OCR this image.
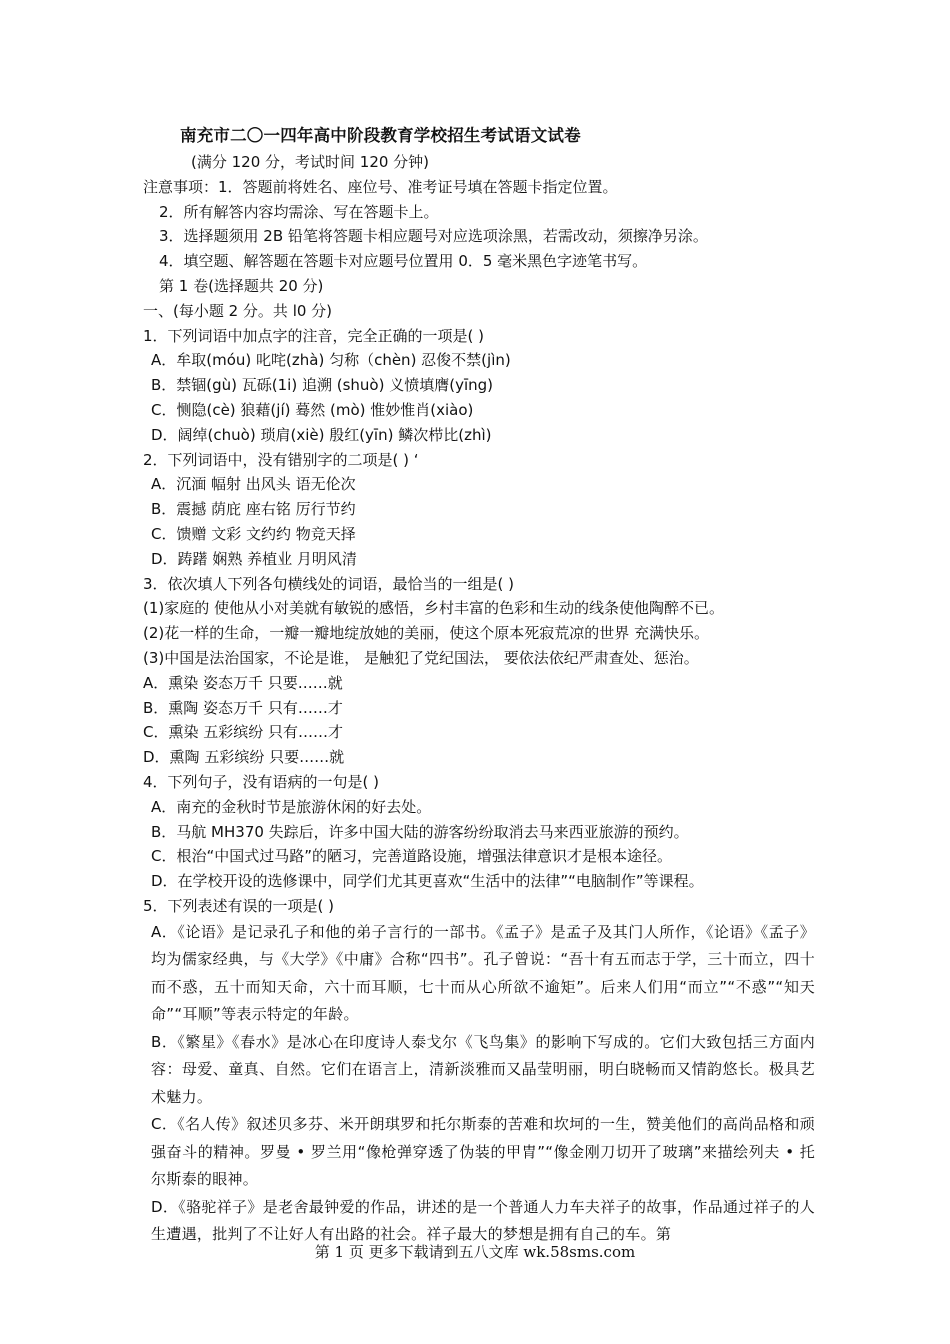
南充市二〇一四年高中阶段教育学校招生考试语文试卷
(满分 120 分，考试时间 120 分钟)
注意事项：1．答题前将姓名、座位号、准考证号填在答题卡指定位置。
2．所有解答内容均需涂、写在答题卡上。
3．选择题须用 2B 铅笔将答题卡相应题号对应选项涂黑，若需改动，须擦净另涂。
4．填空题、解答题在答题卡对应题号位置用 0．5 毫米黑色字迹笔书写。
第 1 卷(选择题共 20 分)
一、(每小题 2 分。共 l0 分)
1．下列词语中加点字的注音，完全正确的一项是( )
A．牟取(móu) 叱咤(zhà) 匀称（chèn) 忍俊不禁(jìn)
B．禁锢(gù) 瓦砾(1i) 追溯 (shuò) 义愤填膺(yīng)
C．恻隐(cè) 狼藉(jí) 蓦然 (mò) 惟妙惟肖(xiào)
D．阔绰(chuò) 琐肩(xiè) 殷红(yīn) 鳞次栉比(zhì)
2．下列词语中，没有错别字的二项是( ) ‘
A．沉湎 幅射 出风头 语无伦次
B．震撼 荫庇 座右铭 厉行节约
C．馈赠 文彩 文约约 物竞天择
D．踌躇 娴熟 养植业 月明风清
3．依次填人下列各句横线处的词语，最恰当的一组是( )
(1)家庭的 使他从小对美就有敏锐的感悟，乡村丰富的色彩和生动的线条使他陶醉不已。
(2)花一样的生命，一瓣一瓣地绽放她的美丽，使这个原本死寂荒凉的世界 充满快乐。
(3)中国是法治国家，不论是谁， 是触犯了党纪国法， 要依法依纪严肃查处、惩治。
A．熏染 姿态万千 只要……就
B．熏陶 姿态万千 只有……才
C．熏染 五彩缤纷 只有……才
D．熏陶 五彩缤纷 只要……就
4．下列句子，没有语病的一句是( )
A．南充的金秋时节是旅游休闲的好去处。
B．马航 MH370 失踪后，许多中国大陆的游客纷纷取消去马来西亚旅游的预约。
C．根治“中国式过马路”的陋习，完善道路设施，增强法律意识才是根本途径。
D．在学校开设的选修课中，同学们尤其更喜欢“生活中的法律”“电脑制作”等课程。
5．下列表述有误的一项是( )
A．《论语》是记录孔子和他的弟子言行的一部书。《孟子》是孟子及其门人所作，《论语》《孟子》均为儒家经典，与《大学》《中庸》合称“四书”。孔子曾说：“吾十有五而志于学，三十而立，四十而不惑，五十而知天命，六十而耳顺，七十而从心所欲不逾矩”。后来人们用“而立”“不惑”“知天命”“耳顺”等表示特定的年龄。
B．《繁星》《春水》是冰心在印度诗人泰戈尔《飞鸟集》的影响下写成的。它们大致包括三方面内容：母爱、童真、自然。它们在语言上，清新淡雅而又晶莹明丽，明白晓畅而又情韵悠长。极具艺术魅力。
C．《名人传》叙述贝多芬、米开朗琪罗和托尔斯泰的苦难和坎坷的一生，赞美他们的高尚品格和顽强奋斗的精神。罗曼 • 罗兰用“像枪弹穿透了伪装的甲胄”“像金刚刀切开了玻璃”来描绘列夫 • 托尔斯泰的眼神。
D．《骆驼祥子》是老舍最钟爱的作品，讲述的是一个普通人力车夫祥子的故事，作品通过祥子的人生遭遇，批判了不让好人有出路的社会。祥子最大的梦想是拥有自己的车。第
第 1 页 更多下载请到五八文库 wk.58sms.com
